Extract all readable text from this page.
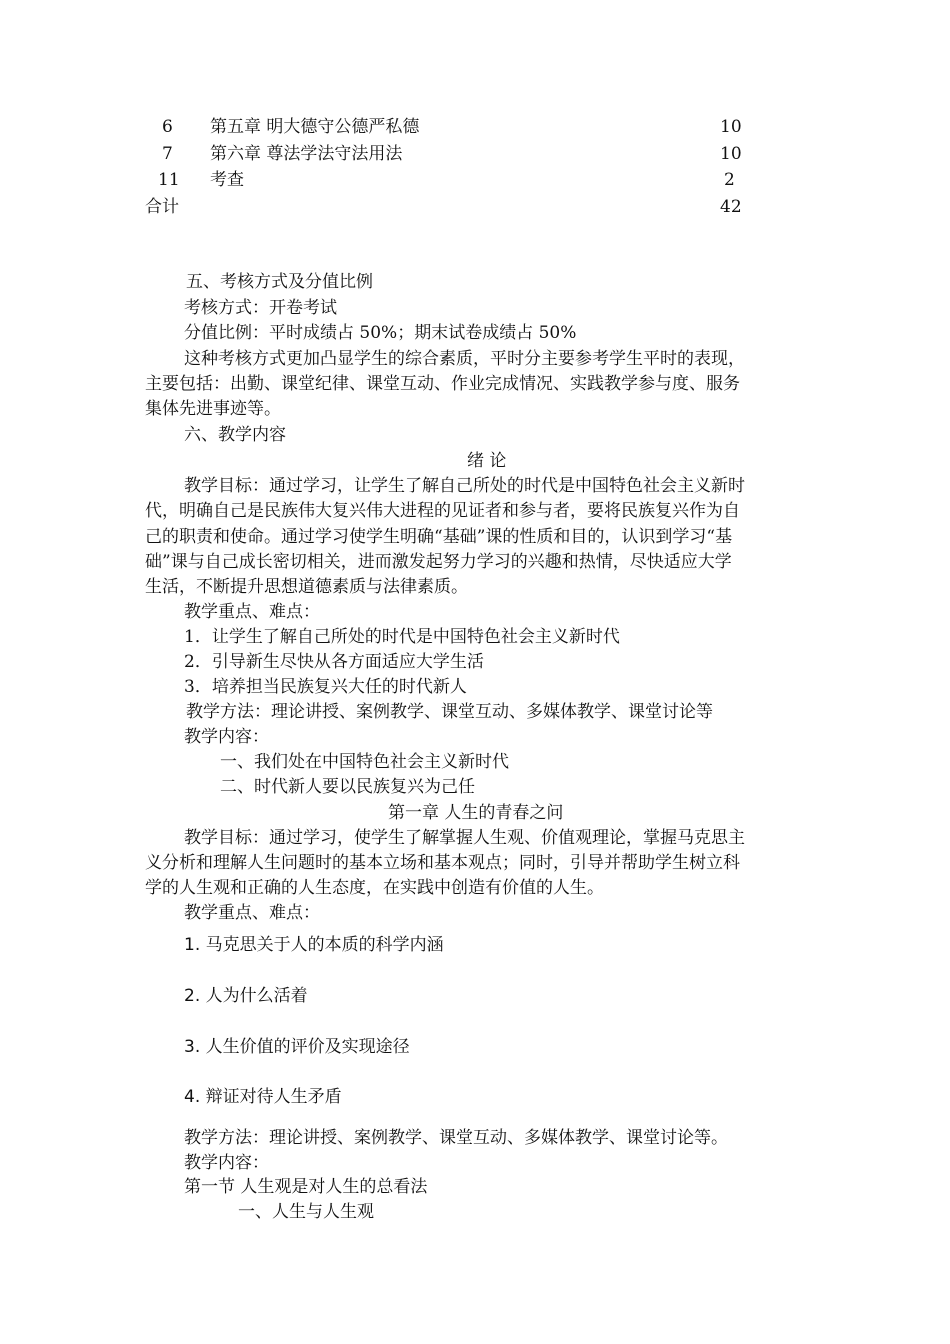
6 第五章 明大德守公德严私德	10
7 第六章 尊法学法守法用法	10
11 考查	2
合计	42
五、考核方式及分值比例
考核方式：开卷考试
分值比例：平时成绩占 50%；期末试卷成绩占 50%
这种考核方式更加凸显学生的综合素质，平时分主要参考学生平时的表现，
主要包括：出勤、课堂纪律、课堂互动、作业完成情况、实践教学参与度、服务
集体先进事迹等。
六、教学内容
绪 论
教学目标：通过学习，让学生了解自己所处的时代是中国特色社会主义新时
代，明确自己是民族伟大复兴伟大进程的见证者和参与者，要将民族复兴作为自
己的职责和使命。通过学习使学生明确“基础”课的性质和目的，认识到学习“基
础”课与自己成长密切相关，进而激发起努力学习的兴趣和热情，尽快适应大学
生活，不断提升思想道德素质与法律素质。
教学重点、难点：
1．让学生了解自己所处的时代是中国特色社会主义新时代
2．引导新生尽快从各方面适应大学生活
3．培养担当民族复兴大任的时代新人
教学方法：理论讲授、案例教学、课堂互动、多媒体教学、课堂讨论等
教学内容：
一、我们处在中国特色社会主义新时代
二、时代新人要以民族复兴为己任
第一章 人生的青春之问
教学目标：通过学习，使学生了解掌握人生观、价值观理论，掌握马克思主
义分析和理解人生问题时的基本立场和基本观点；同时，引导并帮助学生树立科
学的人生观和正确的人生态度，在实践中创造有价值的人生。
教学重点、难点：
1. 马克思关于人的本质的科学内涵
2. 人为什么活着
3. 人生价值的评价及实现途径
4. 辩证对待人生矛盾
教学方法：理论讲授、案例教学、课堂互动、多媒体教学、课堂讨论等。
教学内容：
第一节 人生观是对人生的总看法
一、人生与人生观
